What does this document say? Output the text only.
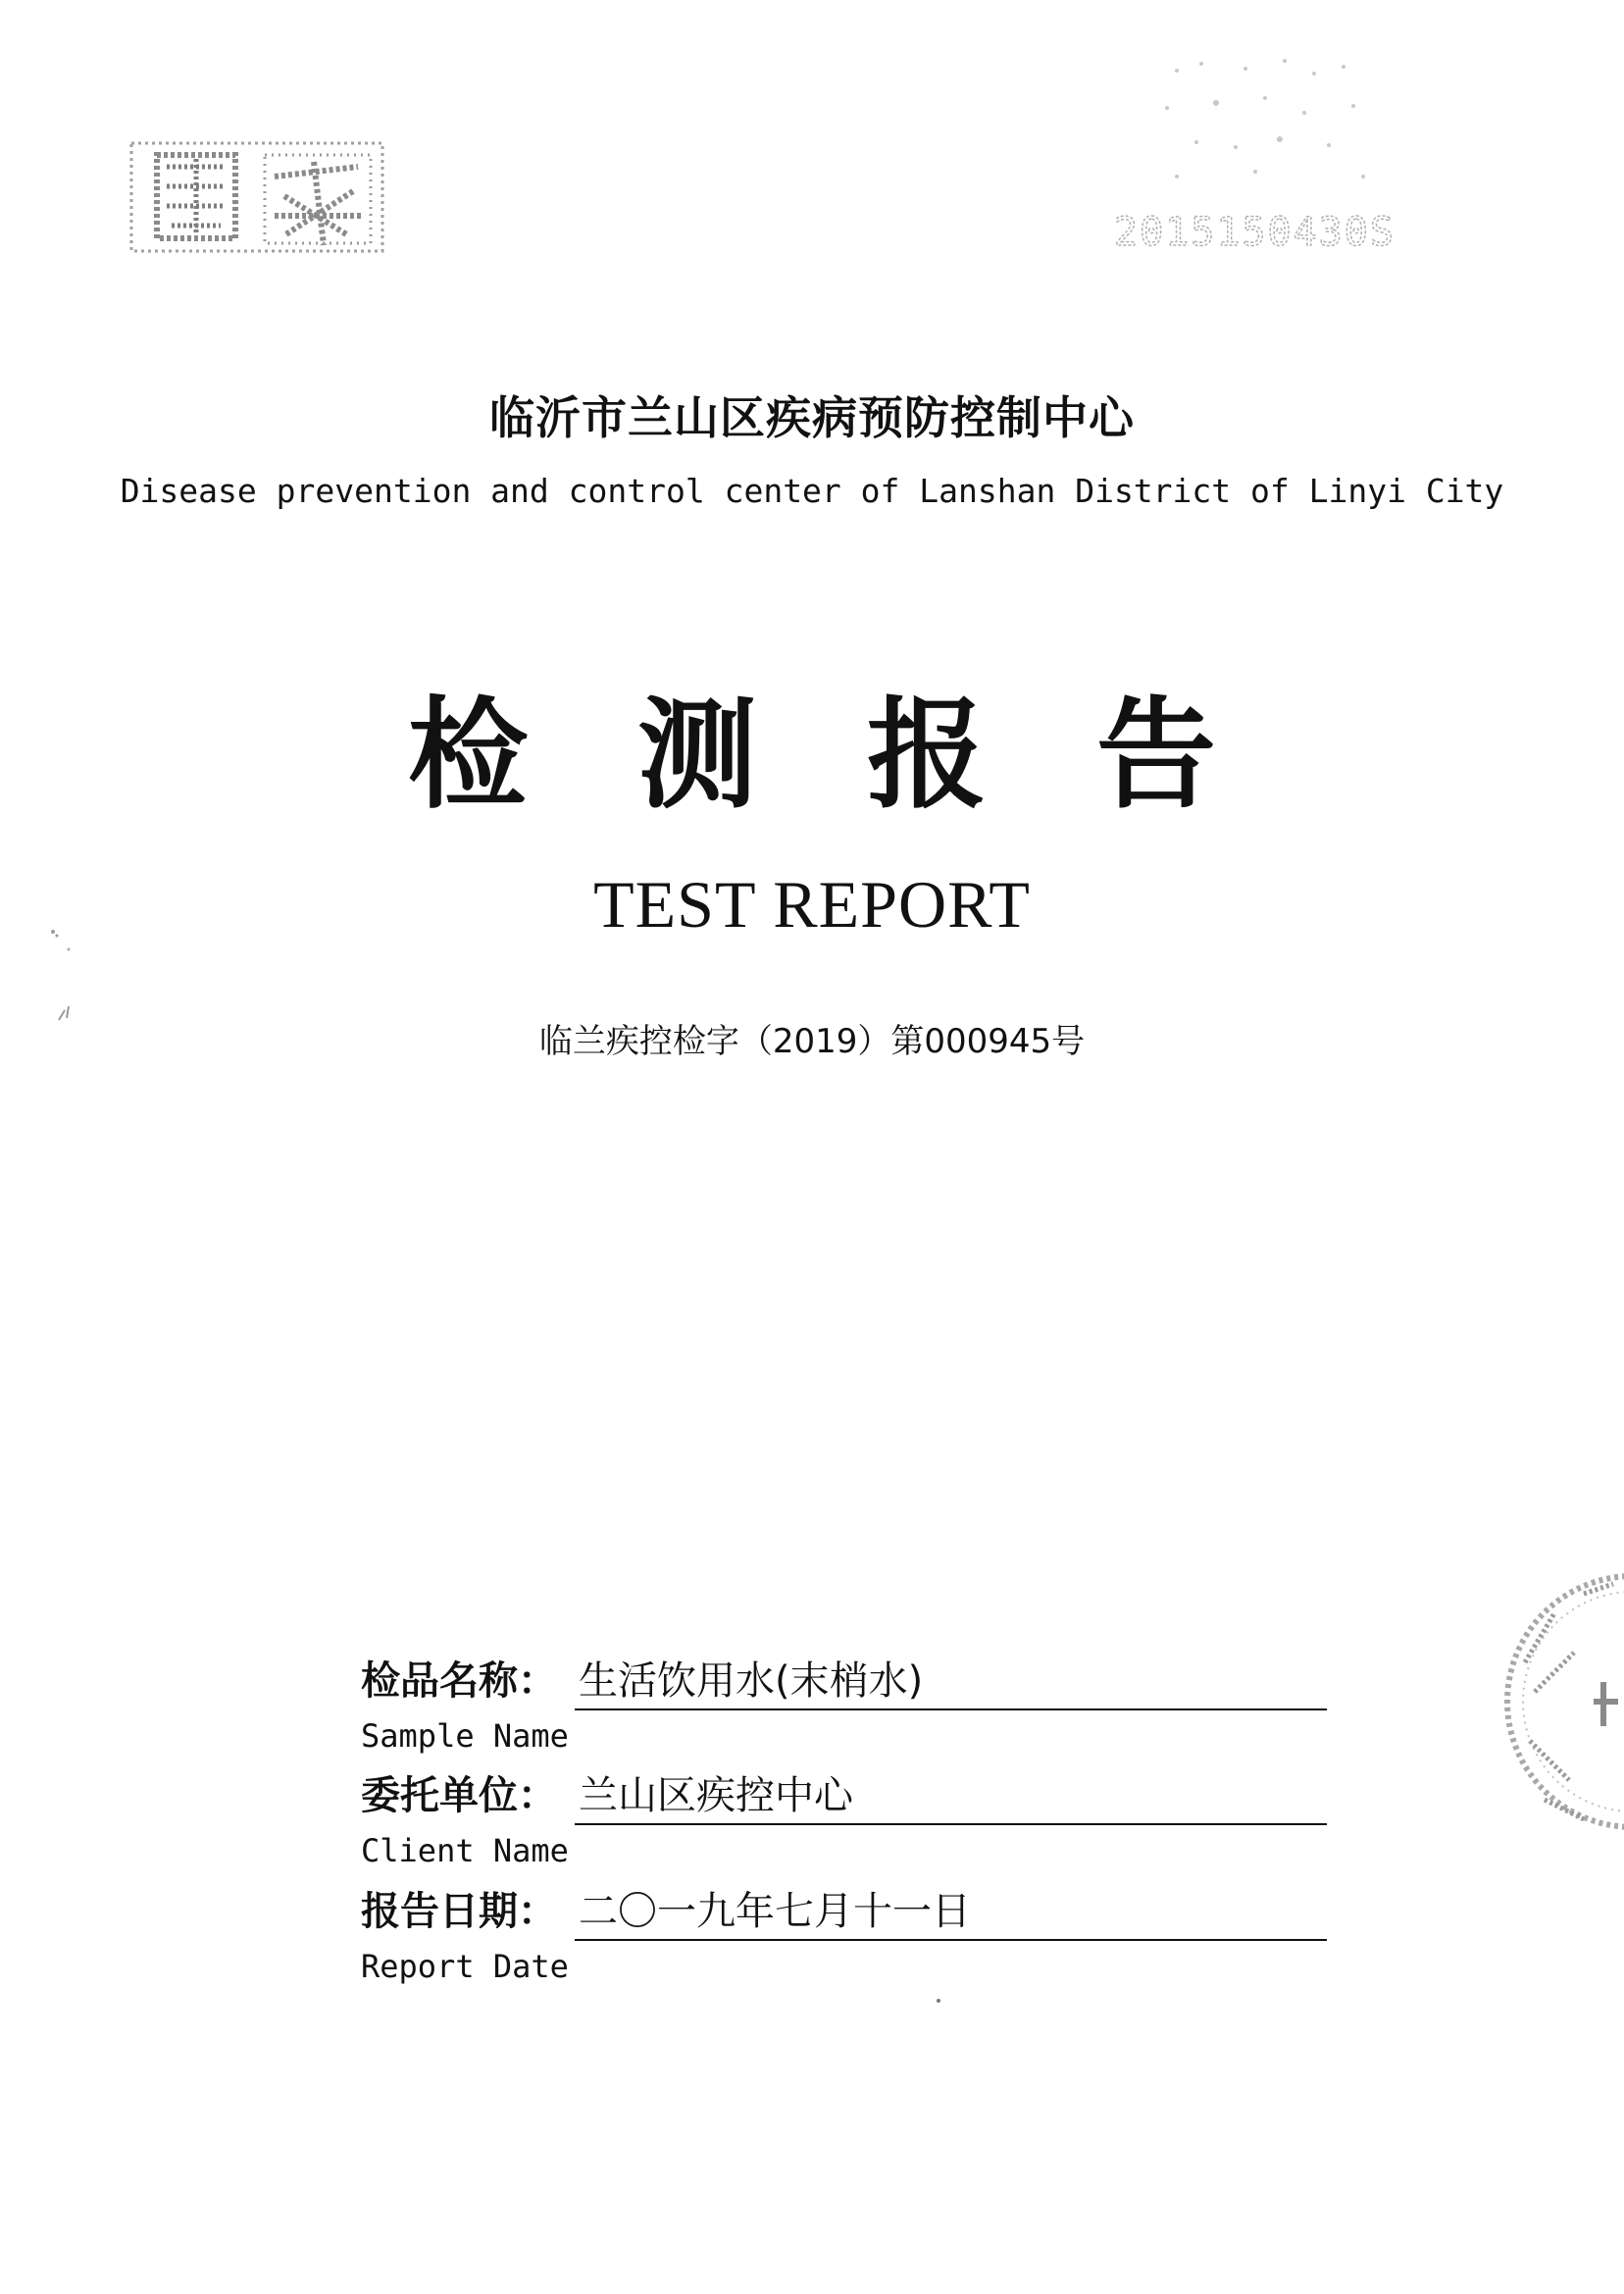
2015150430S
临沂市兰山区疾病预防控制中心
Disease prevention and control center of Lanshan District of Linyi City
检测报告
TEST REPORT
临兰疾控检字（2019）第000945号
检品名称： 生活饮用水(末梢水)
Sample Name
委托单位： 兰山区疾控中心
Client Name
报告日期： 二〇一九年七月十一日
Report Date
